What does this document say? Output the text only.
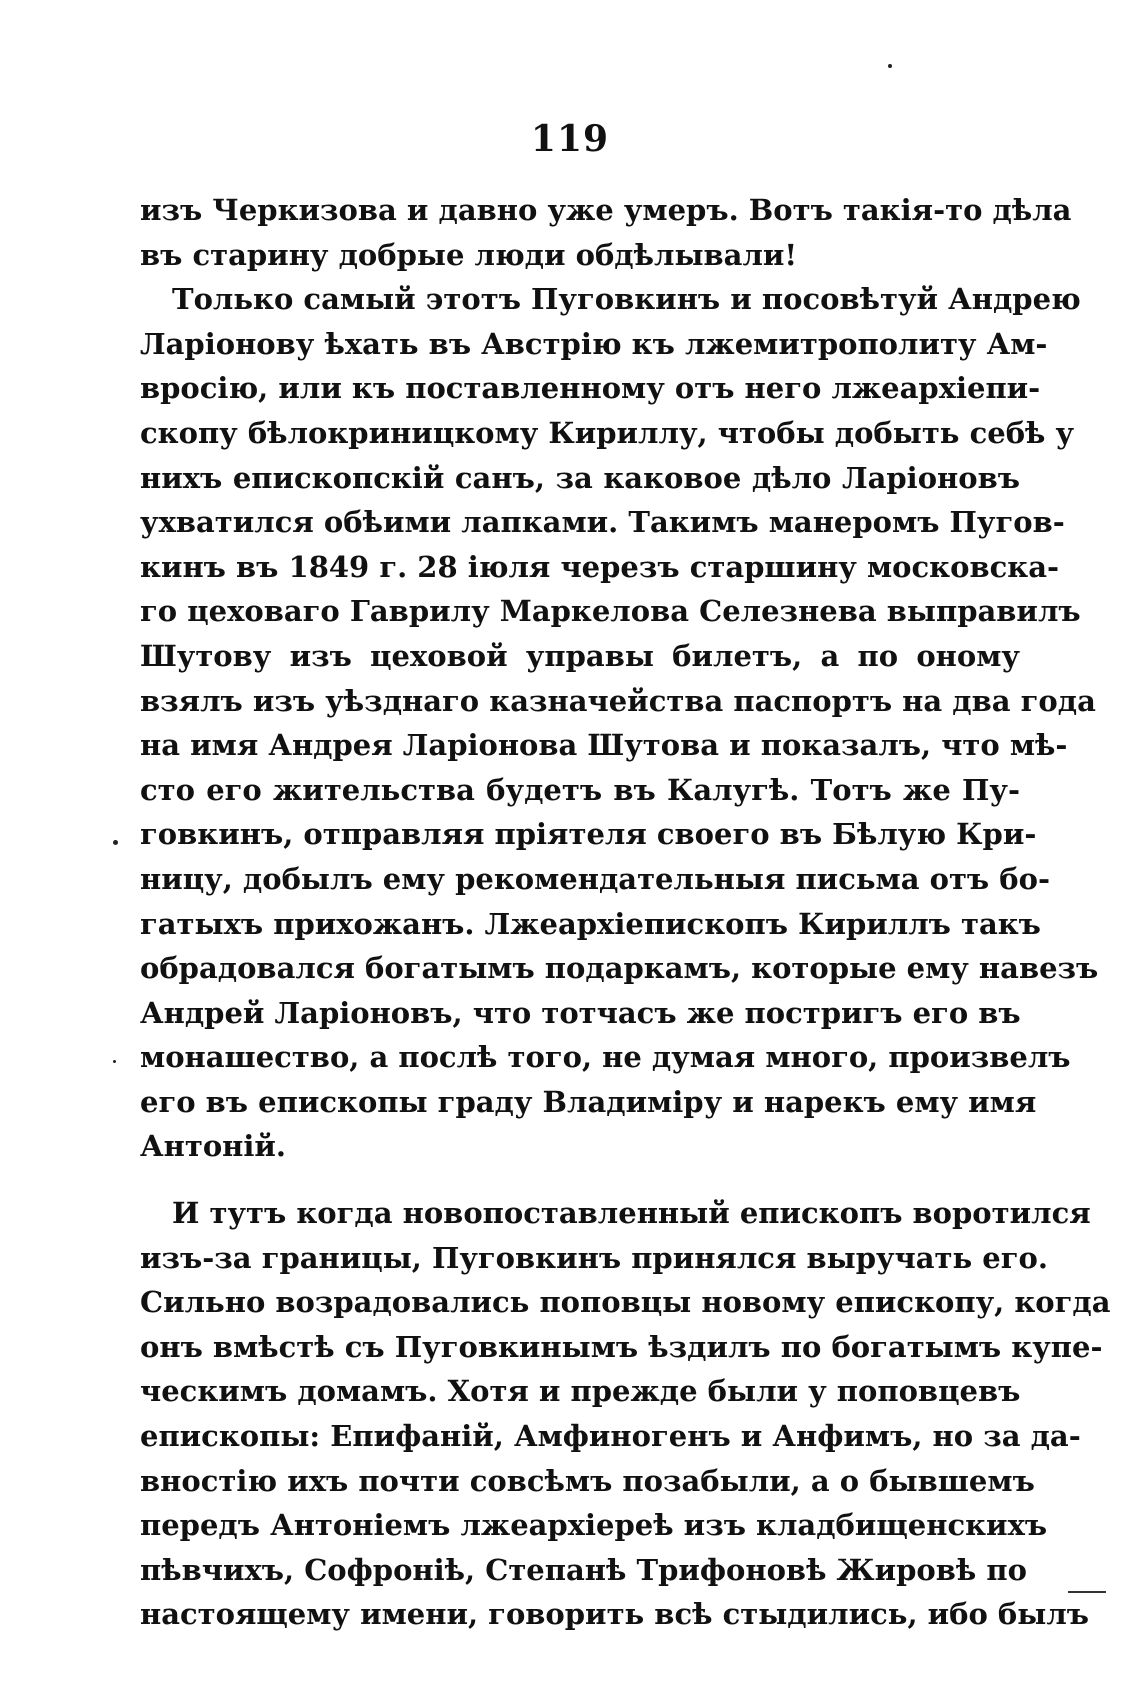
119
изъ Черкизова и давно уже умеръ. Вотъ такія-то дѣла
въ старину добрые люди обдѣлывали!
Только самый этотъ Пуговкинъ и посовѣтуй Андрею
Ларіонову ѣхать въ Австрію къ лжемитрополиту Ам-
вросію, или къ поставленному отъ него лжеархіепи-
скопу бѣлокриницкому Кириллу, чтобы добыть себѣ у
нихъ епископскій санъ, за каковое дѣло Ларіоновъ
ухватился обѣими лапками. Такимъ манеромъ Пугов-
кинъ въ 1849 г. 28 іюля черезъ старшину московска-
го цеховаго Гаврилу Маркелова Селезнева выправилъ
Шутову изъ цеховой управы билетъ, а по оному
взялъ изъ уѣзднаго казначейства паспортъ на два года
на имя Андрея Ларіонова Шутова и показалъ, что мѣ-
сто его жительства будетъ въ Калугѣ. Тотъ же Пу-
говкинъ, отправляя пріятеля своего въ Бѣлую Кри-
ницу, добылъ ему рекомендательныя письма отъ бо-
гатыхъ прихожанъ. Лжеархіепископъ Кириллъ такъ
обрадовался богатымъ подаркамъ, которые ему навезъ
Андрей Ларіоновъ, что тотчасъ же постригъ его въ
монашество, а послѣ того, не думая много, произвелъ
его въ епископы граду Владиміру и нарекъ ему имя
Антоній.
И тутъ когда новопоставленный епископъ воротился
изъ-за границы, Пуговкинъ принялся выручать его.
Сильно возрадовались поповцы новому епископу, когда
онъ вмѣстѣ съ Пуговкинымъ ѣздилъ по богатымъ купе-
ческимъ домамъ. Хотя и прежде были у поповцевъ
епископы: Епифаній, Амфиногенъ и Анфимъ, но за да-
вностію ихъ почти совсѣмъ позабыли, а о бывшемъ
передъ Антоніемъ лжеархіереѣ изъ кладбищенскихъ
пѣвчихъ, Софроніѣ, Степанѣ Трифоновѣ Жировѣ по
настоящему имени, говорить всѣ стыдились, ибо былъ
